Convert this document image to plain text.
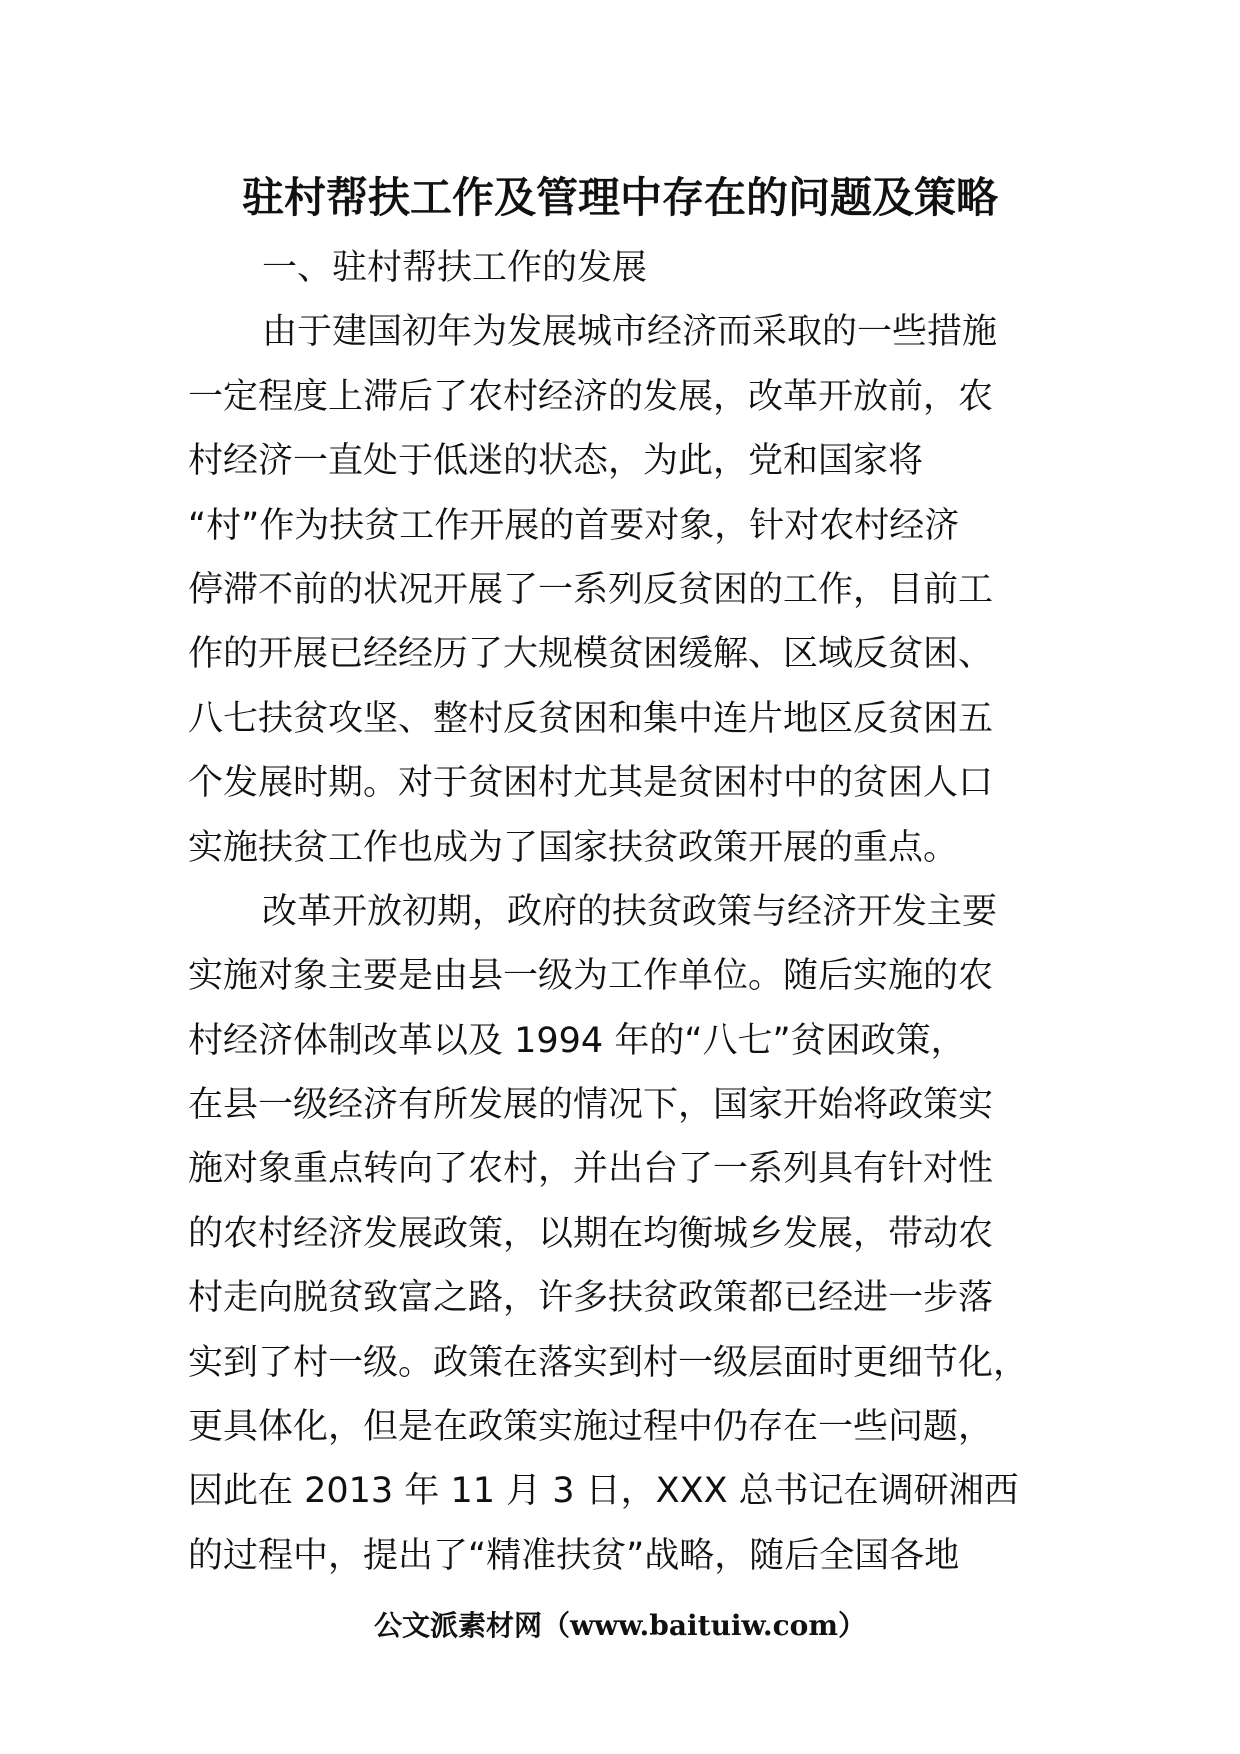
驻村帮扶工作及管理中存在的问题及策略
一、驻村帮扶工作的发展
由于建国初年为发展城市经济而采取的一些措施
一定程度上滞后了农村经济的发展，改革开放前，农
村经济一直处于低迷的状态，为此，党和国家将
“村”作为扶贫工作开展的首要对象，针对农村经济
停滞不前的状况开展了一系列反贫困的工作，目前工
作的开展已经经历了大规模贫困缓解、区域反贫困、
八七扶贫攻坚、整村反贫困和集中连片地区反贫困五
个发展时期。对于贫困村尤其是贫困村中的贫困人口
实施扶贫工作也成为了国家扶贫政策开展的重点。
改革开放初期，政府的扶贫政策与经济开发主要
实施对象主要是由县一级为工作单位。随后实施的农
村经济体制改革以及 1994 年的“八七”贫困政策，
在县一级经济有所发展的情况下，国家开始将政策实
施对象重点转向了农村，并出台了一系列具有针对性
的农村经济发展政策，以期在均衡城乡发展，带动农
村走向脱贫致富之路，许多扶贫政策都已经进一步落
实到了村一级。政策在落实到村一级层面时更细节化，
更具体化，但是在政策实施过程中仍存在一些问题，
因此在 2013 年 11 月 3 日，XXX 总书记在调研湘西
的过程中，提出了“精准扶贫”战略，随后全国各地
公文派素材网（www.baituiw.com）
